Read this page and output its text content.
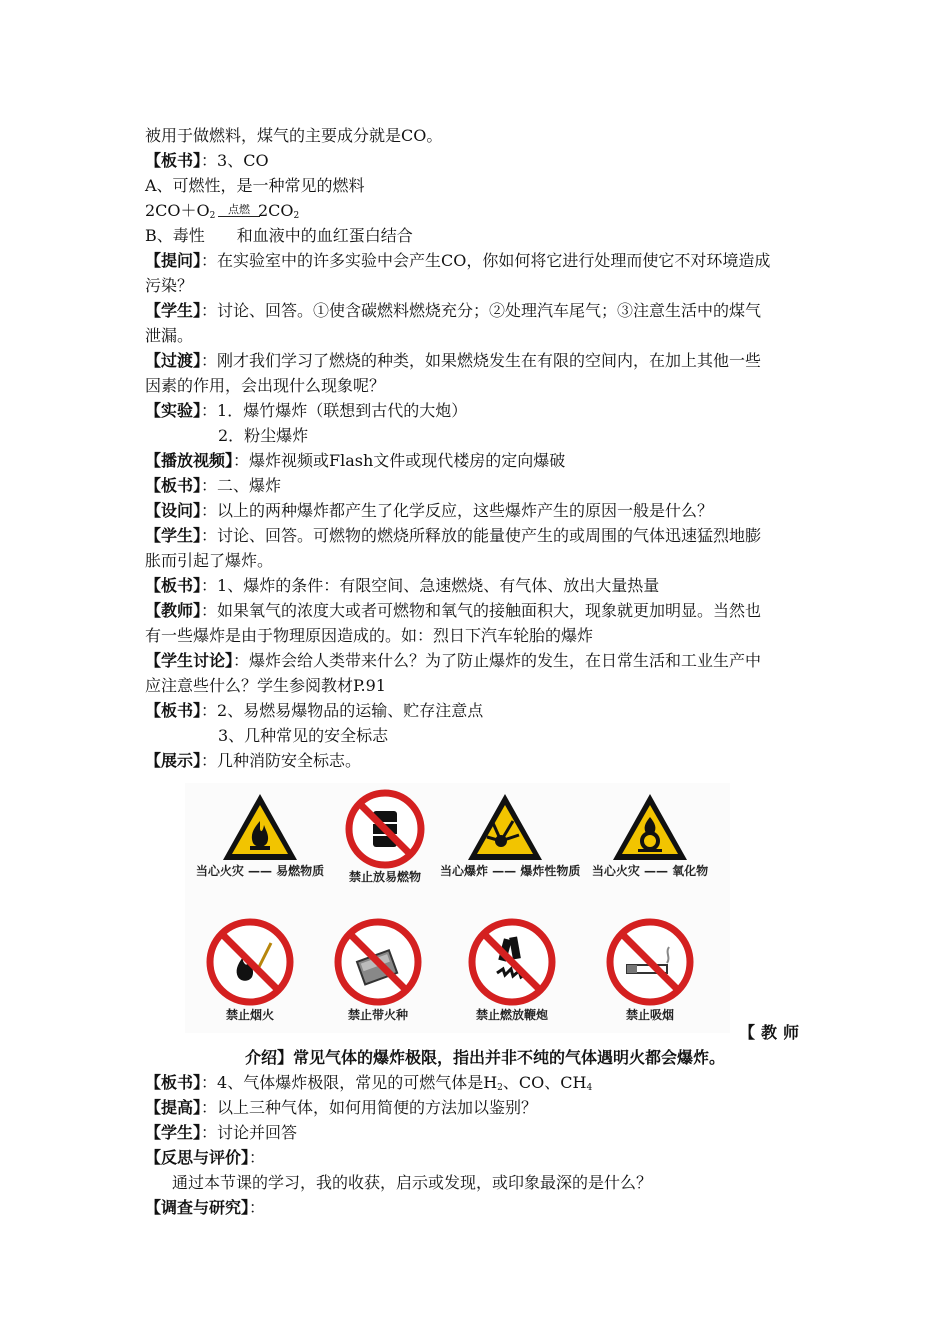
被用于做燃料，煤气的主要成分就是CO。
【板书】：3、CO
A、可燃性，是一种常见的燃料
$2CO+O_2$	点燃 $2CO_2$
B、毒性　　和血液中的血红蛋白结合
【提问】：在实验室中的许多实验中会产生CO，你如何将它进行处理而使它不对环境造成
污染？
【学生】：讨论、回答。①使含碳燃料燃烧充分；②处理汽车尾气；③注意生活中的煤气
泄漏。
【过渡】：刚才我们学习了燃烧的种类，如果燃烧发生在有限的空间内，在加上其他一些
因素的作用，会出现什么现象呢？
【实验】：1．爆竹爆炸（联想到古代的大炮）
2．粉尘爆炸
【播放视频】：爆炸视频或Flash文件或现代楼房的定向爆破
【板书】：二、爆炸
【设问】：以上的两种爆炸都产生了化学反应，这些爆炸产生的原因一般是什么？
【学生】：讨论、回答。可燃物的燃烧所释放的能量使产生的或周围的气体迅速猛烈地膨
胀而引起了爆炸。
【板书】：1、爆炸的条件：有限空间、急速燃烧、有气体、放出大量热量
【教师】：如果氧气的浓度大或者可燃物和氧气的接触面积大，现象就更加明显。当然也
有一些爆炸是由于物理原因造成的。如：烈日下汽车轮胎的爆炸
【学生讨论】：爆炸会给人类带来什么？为了防止爆炸的发生，在日常生活和工业生产中
应注意些什么？学生参阅教材P.91
【板书】：2、易燃易爆物品的运输、贮存注意点
3、几种常见的安全标志
【展示】：几种消防安全标志。
当心火灾 —— 易燃物质	禁止放易燃物	当心爆炸 —— 爆炸性物质 当心火灾 —— 氧化物
禁止烟火	禁止带火种	禁止燃放鞭炮	禁止吸烟
【教师
介绍】常见气体的爆炸极限，指出并非不纯的气体遇明火都会爆炸。
【板书】：4、气体爆炸极限，常见的可燃气体是$H_2$、CO、$CH_4$
【提高】：以上三种气体，如何用简便的方法加以鉴别？
【学生】：讨论并回答
【反思与评价】：
通过本节课的学习，我的收获，启示或发现，或印象最深的是什么？
【调查与研究】：
